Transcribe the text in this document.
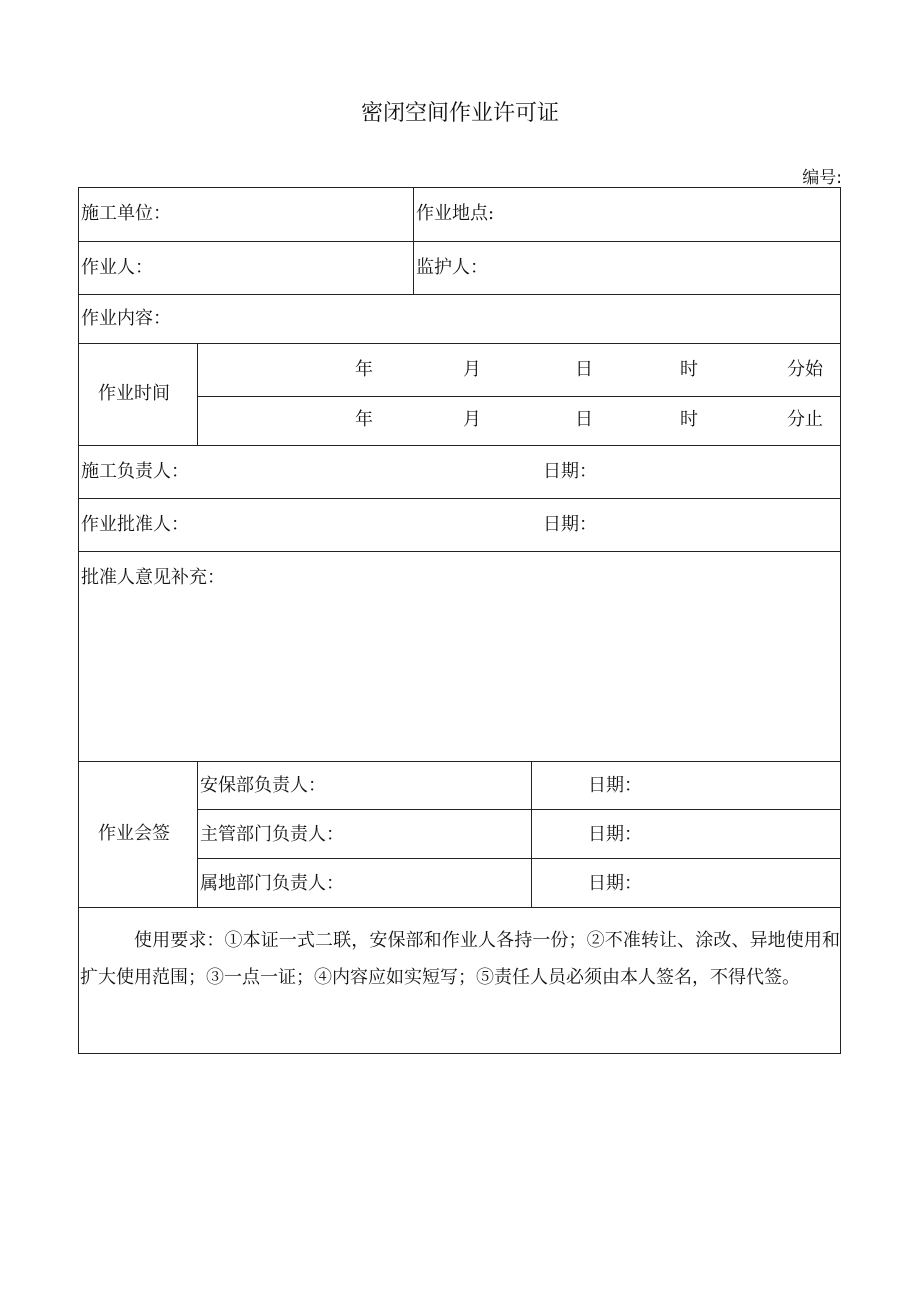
密闭空间作业许可证
编号:
施工单位：	作业地点:
作业人：	监护人：
作业内容：
作业时间
年	月	日	时	分始
年	月	日	时	分止
施工负责人：	日期：
作业批准人：	日期：
批准人意见补充：
作业会签
安保部负责人：	日期：
主管部门负责人：	日期：
属地部门负责人：	日期：
使用要求：①本证一式二联，安保部和作业人各持一份；②不准转让、涂改、异地使用和扩大使用范围；③一点一证；④内容应如实短写；⑤责任人员必须由本人签名，不得代签。
